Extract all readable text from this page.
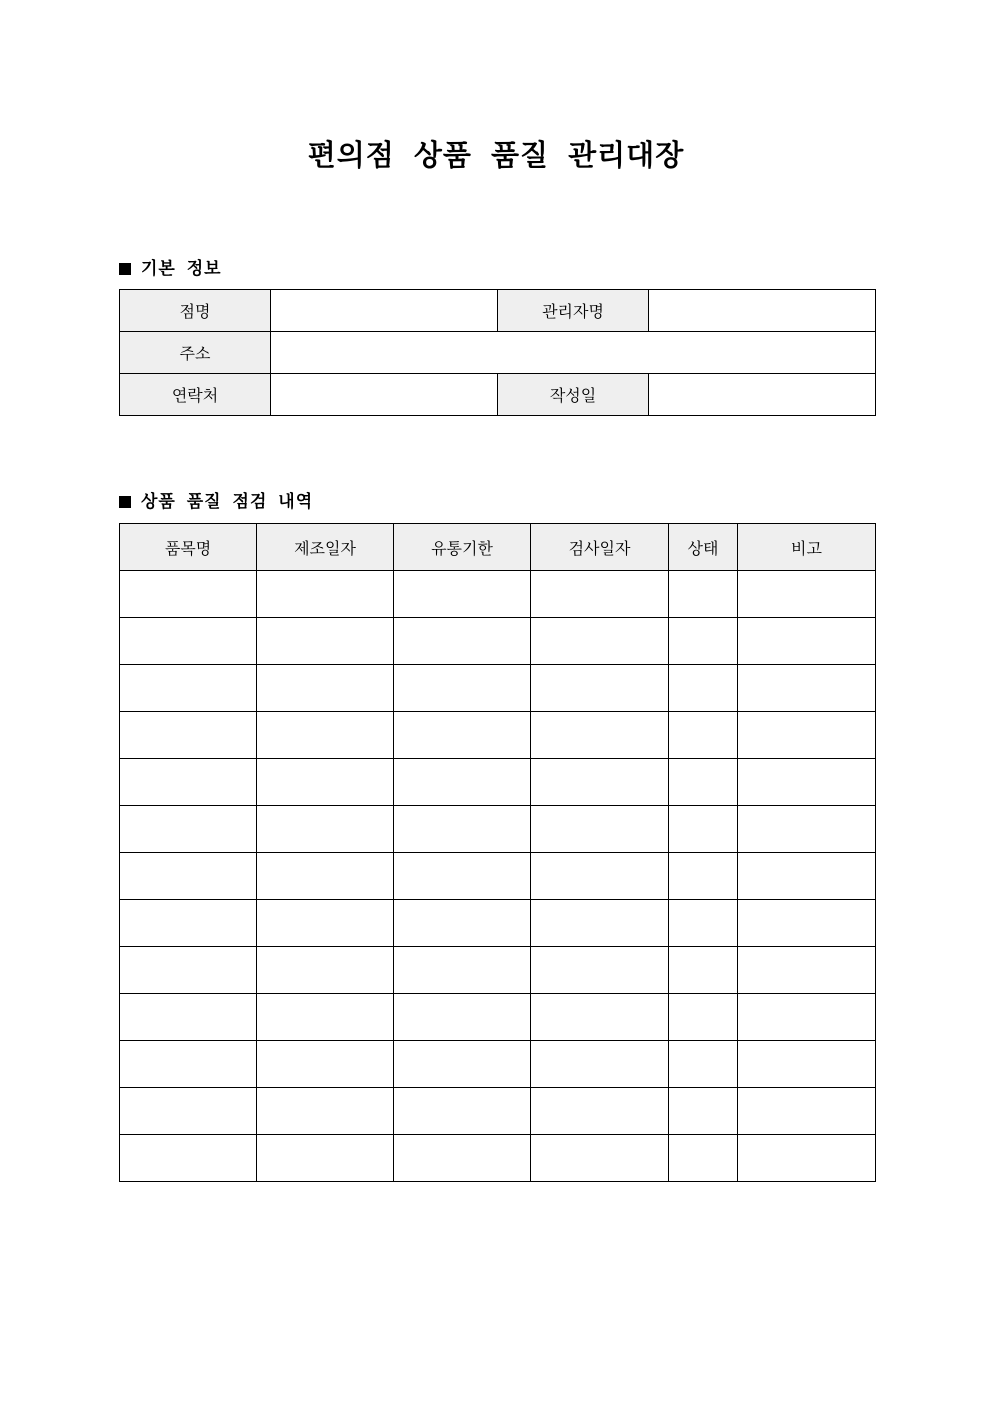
편의점 상품 품질 관리대장
기본 정보
점명		관리자명	
주소			
연락처		작성일	
상품 품질 점검 내역
품목명	제조일자	유통기한	검사일자	상태	비고
